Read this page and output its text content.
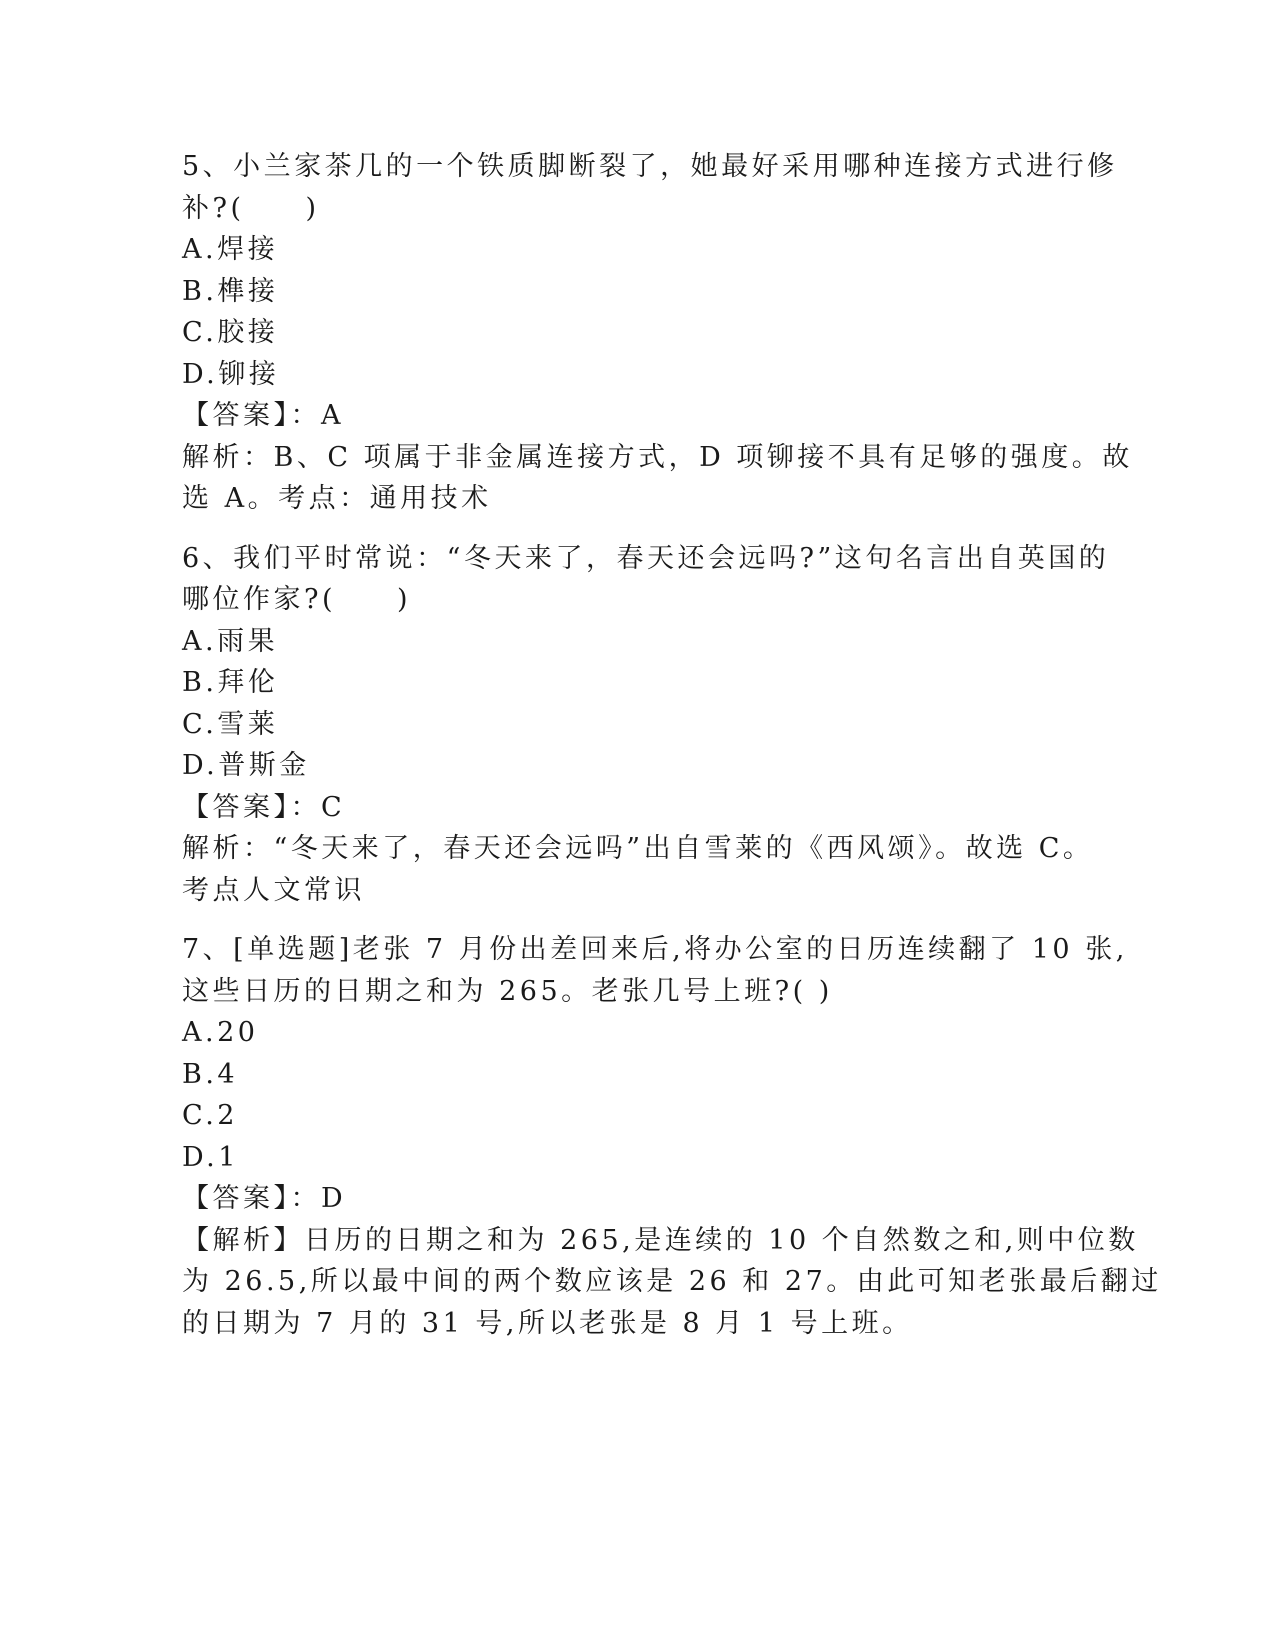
5、小兰家茶几的一个铁质脚断裂了，她最好采用哪种连接方式进行修
补?(　　)
A.焊接
B.榫接
C.胶接
D.铆接
【答案】：A
解析：B、C 项属于非金属连接方式，D 项铆接不具有足够的强度。故
选 A。考点：通用技术
6、我们平时常说：“冬天来了，春天还会远吗?”这句名言出自英国的
哪位作家?(　　)
A.雨果
B.拜伦
C.雪莱
D.普斯金
【答案】：C
解析：“冬天来了，春天还会远吗”出自雪莱的《西风颂》。故选 C。
考点人文常识
7、[单选题]老张 7 月份出差回来后,将办公室的日历连续翻了 10 张,
这些日历的日期之和为 265。老张几号上班?( )
A.20
B.4
C.2
D.1
【答案】：D
【解析】日历的日期之和为 265,是连续的 10 个自然数之和,则中位数
为 26.5,所以最中间的两个数应该是 26 和 27。由此可知老张最后翻过
的日期为 7 月的 31 号,所以老张是 8 月 1 号上班。
